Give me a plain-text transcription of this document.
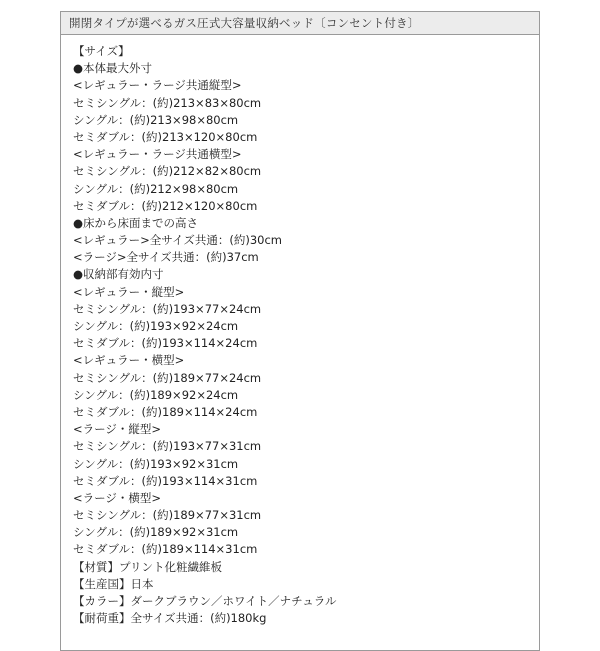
開閉タイプが選べるガス圧式大容量収納ベッド〔コンセント付き〕
【サイズ】
●本体最大外寸
<レギュラー・ラージ共通縦型>
セミシングル：(約)213×83×80cm
シングル：(約)213×98×80cm
セミダブル：(約)213×120×80cm
<レギュラー・ラージ共通横型>
セミシングル：(約)212×82×80cm
シングル：(約)212×98×80cm
セミダブル：(約)212×120×80cm
●床から床面までの高さ
<レギュラー>全サイズ共通：(約)30cm
<ラージ>全サイズ共通：(約)37cm
●収納部有効内寸
<レギュラー・縦型>
セミシングル：(約)193×77×24cm
シングル：(約)193×92×24cm
セミダブル：(約)193×114×24cm
<レギュラー・横型>
セミシングル：(約)189×77×24cm
シングル：(約)189×92×24cm
セミダブル：(約)189×114×24cm
<ラージ・縦型>
セミシングル：(約)193×77×31cm
シングル：(約)193×92×31cm
セミダブル：(約)193×114×31cm
<ラージ・横型>
セミシングル：(約)189×77×31cm
シングル：(約)189×92×31cm
セミダブル：(約)189×114×31cm
【材質】プリント化粧繊維板
【生産国】日本
【カラー】ダークブラウン／ホワイト／ナチュラル
【耐荷重】全サイズ共通：(約)180kg
